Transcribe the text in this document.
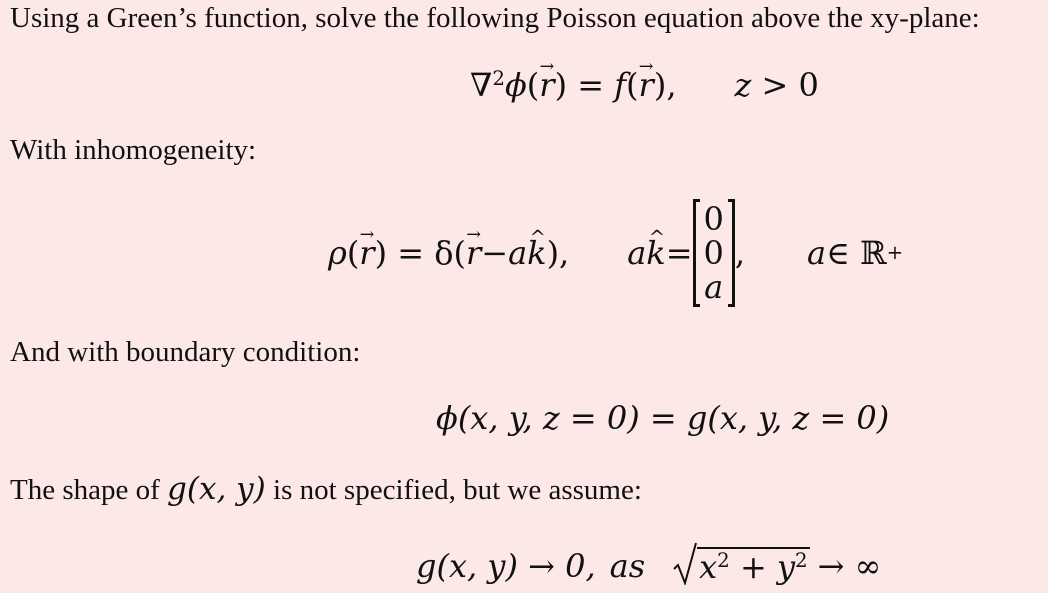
Using a Green’s function, solve the following Poisson equation above the xy-plane:
∇$^2$ϕ(r →) = f(r →), z > 0
With inhomogeneity:
ρ ( r → ) = δ ( r → − a k ^ ), a k ^ =
0
0
a
, a ∈ ℝ +
And with boundary condition:
ϕ(x, y, z = 0) = g(x, y, z = 0)
The shape of g(x, y) is not specified, but we assume:
g(x, y) → 0, as $x^2 + y^2$ → ∞
